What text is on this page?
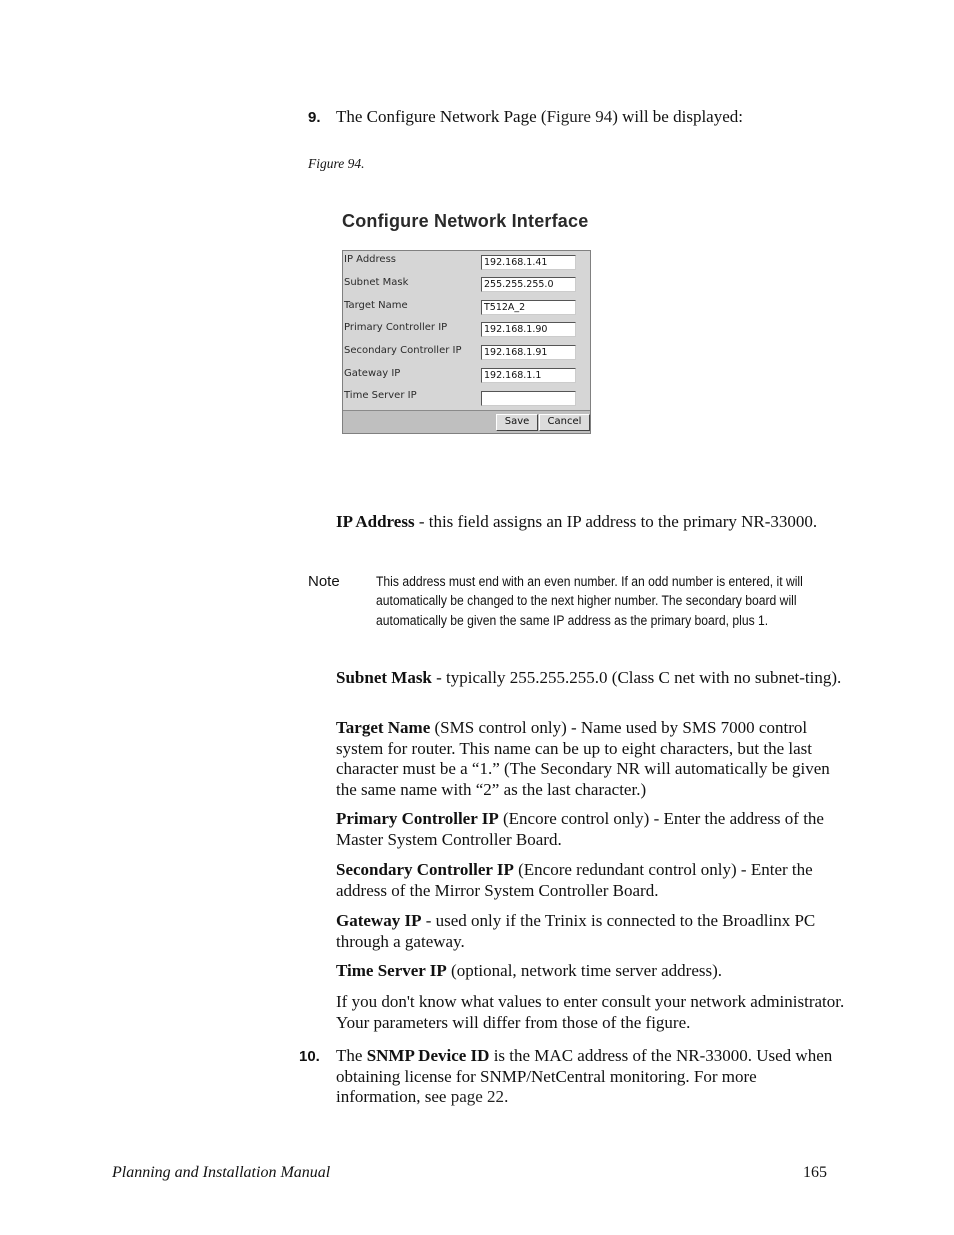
9. The Configure Network Page (Figure 94) will be displayed:
Figure 94.
Configure Network Interface
IP Address	192.168.1.41
Subnet Mask	255.255.255.0
Target Name	T512A_2
Primary Controller IP	192.168.1.90
Secondary Controller IP	192.168.1.91
Gateway IP	192.168.1.1
Time Server IP
Save	Cancel
IP Address - this field assigns an IP address to the primary NR-33000.
Note	This address must end with an even number. If an odd number is entered, it will automatically be changed to the next higher number. The secondary board will automatically be given the same IP address as the primary board, plus 1.
Subnet Mask - typically 255.255.255.0 (Class C net with no subnet-ting).
Target Name (SMS control only) - Name used by SMS 7000 control system for router. This name can be up to eight characters, but the last character must be a “1.” (The Secondary NR will automatically be given the same name with “2” as the last character.)
Primary Controller IP (Encore control only) - Enter the address of the Master System Controller Board.
Secondary Controller IP (Encore redundant control only) - Enter the address of the Mirror System Controller Board.
Gateway IP - used only if the Trinix is connected to the Broadlinx PC through a gateway.
Time Server IP (optional, network time server address).
If you don't know what values to enter consult your network administrator. Your parameters will differ from those of the figure.
10. The SNMP Device ID is the MAC address of the NR-33000. Used when obtaining license for SNMP/NetCentral monitoring. For more information, see page 22.
Planning and Installation Manual	165
